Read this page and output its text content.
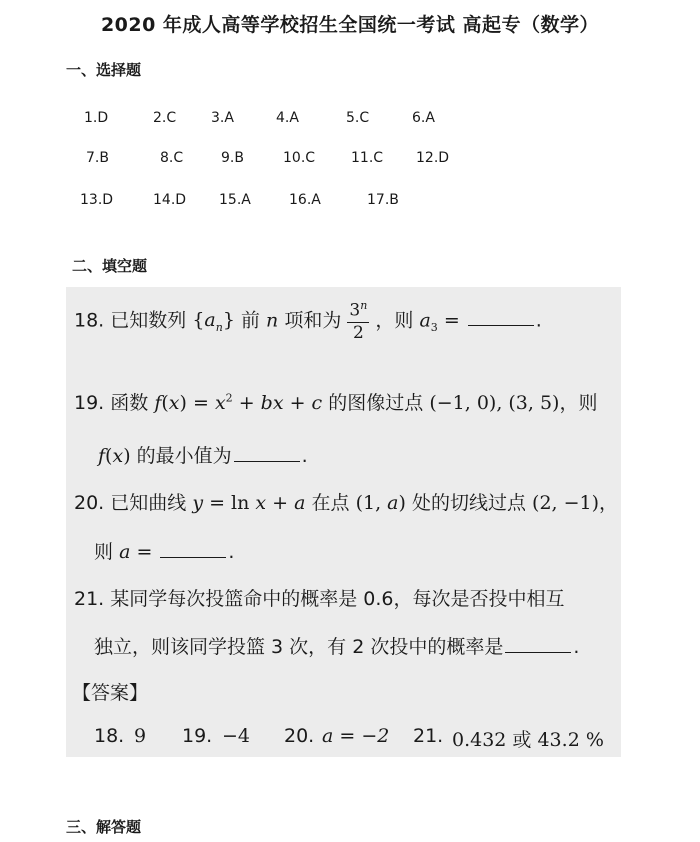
2020 年成人高等学校招生全国统一考试 高起专（数学）
一、选择题
1.D	2.C 3.A	4.A	5.C	6.A
7.B	8.C	9.B	10.C	11.C 12.D
13.D	14.D 15.A	16.A	17.B
二、填空题
18. 已知数列 $\{a_n\}$ 前 n 项和为 $\frac{3^n}{2}$ ，则 $a_3$ =	.
19. 函数 $f(x) = x^2$ + bx + c 的图像过点 (−1, 0), (3, 5)，则
f(x) 的最小值为	.
20. 已知曲线 y = ln x + a 在点 (1, a) 处的切线过点 (2, −1)，
则 a =	.
21. 某同学每次投篮命中的概率是 0.6，每次是否投中相互
独立，则该同学投篮 3 次，有 2 次投中的概率是	.
【答案】
18. 9 19. −4 20. a = −2 21. 0.432 或 43.2 %
三、解答题
